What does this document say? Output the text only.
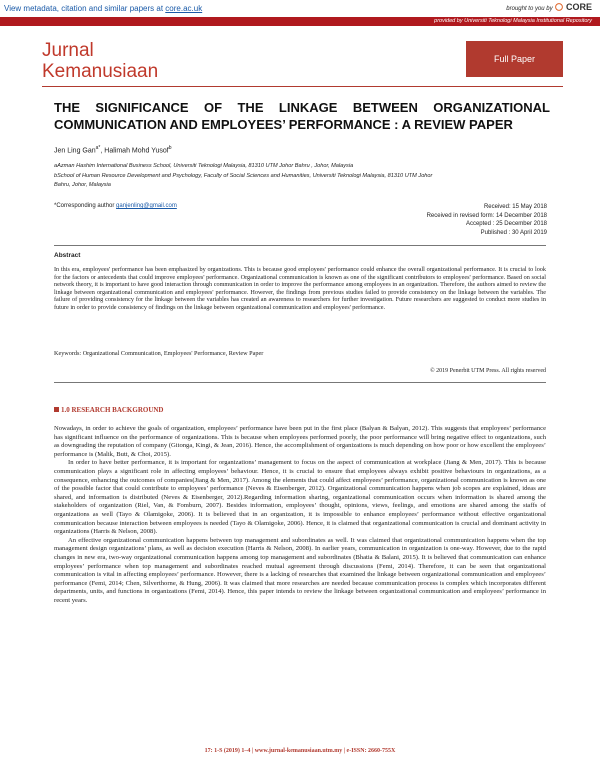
View metadata, citation and similar papers at core.ac.uk	brought to you by CORE
provided by Universiti Teknologi Malaysia Institutional Repository
Jurnal
Kemanusiaan
Full Paper
THE SIGNIFICANCE OF THE LINKAGE BETWEEN ORGANIZATIONAL
COMMUNICATION AND EMPLOYEES’ PERFORMANCE : A REVIEW PAPER
Jen Ling Gan$^{a*}$, Halimah Mohd Yusof$^b$
aAzman Hashim International Business School, Universiti Teknologi Malaysia, 81310 UTM Johor Bahru , Johor, Malaysia
bSchool of Human Resource Development and Psychology, Faculty of Social Sciences and Humanities, Universiti Teknologi Malaysia, 81310 UTM Johor
Bahru, Johor, Malaysia
*Corresponding author ganjenling@gmail.com	Received: 15 May 2018
Received in revised form: 14 December 2018
Accepted : 25 December 2018
Published : 30 April 2019
Abstract
In this era, employees' performance has been emphasized by organizations. This is because good employees' performance could enhance the overall organizational performance. It is crucial to look for the factors or antecedents that could improve employees' performance. Organizational communication is known as one of the significant contributors to employees' performance. Based on social network theory, it is important to have good interaction through communication in order to improve the performance among employees in an organization. Therefore, the authors aimed to review the linkage between organizational communication and employees' performance. However, the findings from previous studies failed to provide consistency on the linkage between the variables. The failure of providing consistency for the linkage between the variables has created an awareness to researchers for further investigation. Future researchers are suggested to conduct more studies in future in order to provide consistency of findings on the linkage between organizational communication and employees' performance.
Keywords: Organizational Communication, Employees' Performance, Review Paper
© 2019 Penerbit UTM Press. All rights reserved
1.0 RESEARCH BACKGROUND

Nowadays, in order to achieve the goals of organization, employees’ performance have been put in the first place (Balyan & Balyan, 2012). This suggests that employees’ performance has significant influence on the performance of organizations. This is because when employees performed poorly, the poor performance will bring negative effect to organizations, such as downgrading the reputation of company (Gitonga, Kingi, & Jean, 2016). Hence, the accomplishment of organizations is much depending on how poor or how excellent the employees’ performance is (Malik, Butt, & Choi, 2015).

In order to have better performance, it is important for organizations’ management to focus on the aspect of communication at workplace (Jiang & Men, 2017). This is because communication plays a significant role in affecting employees’ behaviour. Hence, it is crucial to ensure that employees always exhibit positive behaviours in organizations, as a consequence, enhancing the outcomes of companies(Jiang & Men, 2017). Among the elements that could affect employees’ performance, organizational communication is known as one of the possible factor that could contribute to employees’ performance (Neves & Eisenberger, 2012). Organizational communication happens when job scopes are explained, ideas are shared, and information is distributed (Neves & Eisenberger, 2012).Regarding information sharing, organizational communication occurs when information is shared among the stakeholders of organization (Riel, Van, & Fomburn, 2007). Besides information, employees’ thought, opinions, views, feelings, and emotions are shared among the staffs of organizations as well (Tayo & Olamigoke, 2006). It is believed that in an organization, it is impossible to enhance employees’ performance without effective organizational communication because interaction between employees is needed (Tayo & Olamigoke, 2006). Hence, it is claimed that organizational communication is crucial and dominant activity in organizations (Harris & Nelson, 2008).

An effective organizational communication happens between top management and subordinates as well. It was claimed that organizational communication happens when the top management design organizations’ plans, as well as decision execution (Harris & Nelson, 2008). In earlier years, communication in organization is one-way. However, due to the rapid changes in new era, two-way organizational communication happens among top management and subordinates (Bhatia & Balani, 2015). It is believed that communication can enhance employees’ performance when top management and subordinates reached mutual agreement through discussions (Femi, 2014). Therefore, it can be seen that organizational communication is vital in affecting employees’ performance. However, there is a lacking of researches that examined the linkage between organizational communication and employees’ performance (Femi, 2014; Chen, Silverthorne, & Hung, 2006). It was claimed that more researches are needed because communication process is complex which incorporates different departments, units, and functions in organizations (Femi, 2014). Hence, this paper intends to review the linkage between organizational communication and employees’ performance in recent years.

17: 1-S (2019) 1–4 | www.jurnal-kemanusiaan.utm.my | e-ISSN: 2660-755X
